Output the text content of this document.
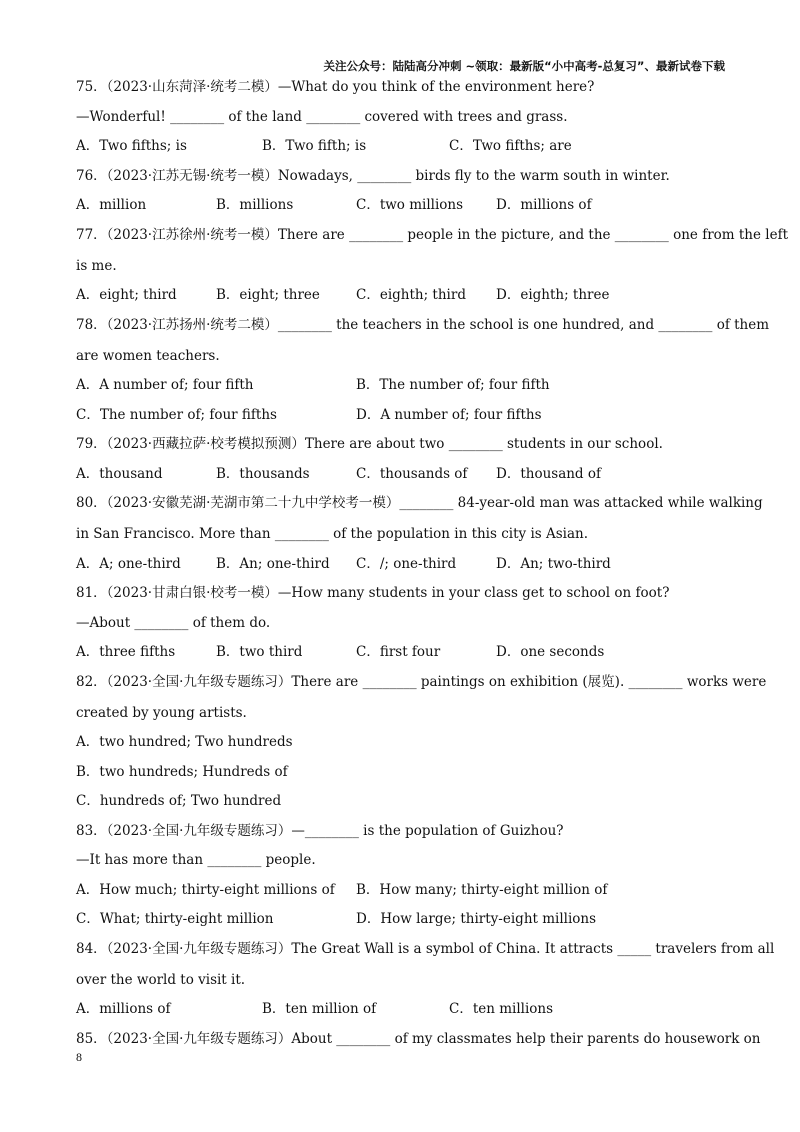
关注公众号：陆陆高分冲刺 ~领取：最新版“小中高考-总复习”、最新试卷下载
75．（2023·山东菏泽·统考二模）—What do you think of the environment here?
—Wonderful! ________ of the land ________ covered with trees and grass.
A．Two fifths; is	B．Two fifth; is	C．Two fifths; are
76．（2023·江苏无锡·统考一模）Nowadays, ________ birds fly to the warm south in winter.
A．million	B．millions	C．two millions	D．millions of
77．（2023·江苏徐州·统考一模）There are ________ people in the picture, and the ________ one from the left
is me.
A．eight; third	B．eight; three	C．eighth; third	D．eighth; three
78．（2023·江苏扬州·统考二模）________ the teachers in the school is one hundred, and ________ of them
are women teachers.
A．A number of; four fifth	B．The number of; four fifth
C．The number of; four fifths	D．A number of; four fifths
79．（2023·西藏拉萨·校考模拟预测）There are about two ________ students in our school.
A．thousand	B．thousands	C．thousands of	D．thousand of
80．（2023·安徽芜湖·芜湖市第二十九中学校考一模）________ 84-year-old man was attacked while walking
in San Francisco. More than ________ of the population in this city is Asian.
A．A; one-third	B．An; one-third	C．/; one-third	D．An; two-third
81．（2023·甘肃白银·校考一模）—How many students in your class get to school on foot?
—About ________ of them do.
A．three fifths	B．two third	C．first four	D．one seconds
82．（2023·全国·九年级专题练习）There are ________ paintings on exhibition (展览). ________ works were
created by young artists.
A．two hundred; Two hundreds
B．two hundreds; Hundreds of
C．hundreds of; Two hundred
83．（2023·全国·九年级专题练习）—________ is the population of Guizhou?
—It has more than ________ people.
A．How much; thirty-eight millions of	B．How many; thirty-eight million of
C．What; thirty-eight million	D．How large; thirty-eight millions
84．（2023·全国·九年级专题练习）The Great Wall is a symbol of China. It attracts _____ travelers from all
over the world to visit it.
A．millions of	B．ten million of	C．ten millions
85．（2023·全国·九年级专题练习）About ________ of my classmates help their parents do housework on
8
